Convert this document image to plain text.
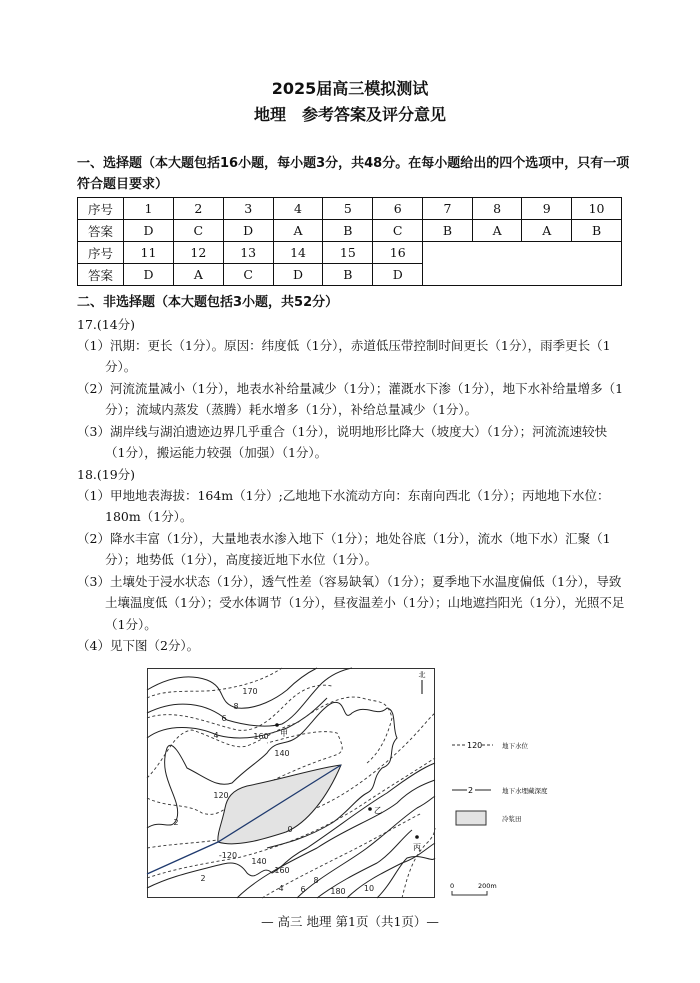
2025届高三模拟测试
地理　参考答案及评分意见
一、选择题（本大题包括16小题，每小题3分，共48分。在每小题给出的四个选项中，只有一项符合题目要求）
序号	1	2	3	4	5	6	7	8	9	10
答案	D	C	D	A	B	C	B	A	A	B
序号	11	12	13	14	15	16				
答案	D	A	C	D	B	D				
二、非选择题（本大题包括3小题，共52分）
17.(14分)
（1）汛期：更长（1分）。原因：纬度低（1分），赤道低压带控制时间更长（1分），雨季更长（1分）。
（2）河流流量减小（1分），地表水补给量减少（1分）；灌溉水下渗（1分），地下水补给量增多（1分）；流域内蒸发（蒸腾）耗水增多（1分），补给总量减少（1分）。
（3）湖岸线与湖泊遗迹边界几乎重合（1分），说明地形比降大（坡度大）（1分）；河流流速较快（1分），搬运能力较强（加强）（1分）。
18.(19分)
（1）甲地地表海拔：164m（1分）;乙地地下水流动方向：东南向西北（1分）；丙地地下水位：180m（1分）。
（2）降水丰富（1分），大量地表水渗入地下（1分）；地处谷底（1分），流水（地下水）汇聚（1分）；地势低（1分），高度接近地下水位（1分）。
（3）土壤处于浸水状态（1分），透气性差（容易缺氧）（1分）；夏季地下水温度偏低（1分），导致土壤温度低（1分）；受水体调节（1分），昼夜温差小（1分）；山地遮挡阳光（1分），光照不足（1分）。
（4）见下图（2分）。
170
8
6
4	160
140
120
2
0
-120
140
160
2
4 6
8
180 10
甲
乙
丙
北
120	地下水位
2	地下水埋藏深度
冷浆田
0	200m
— 高三 地理 第1页（共1页）—
